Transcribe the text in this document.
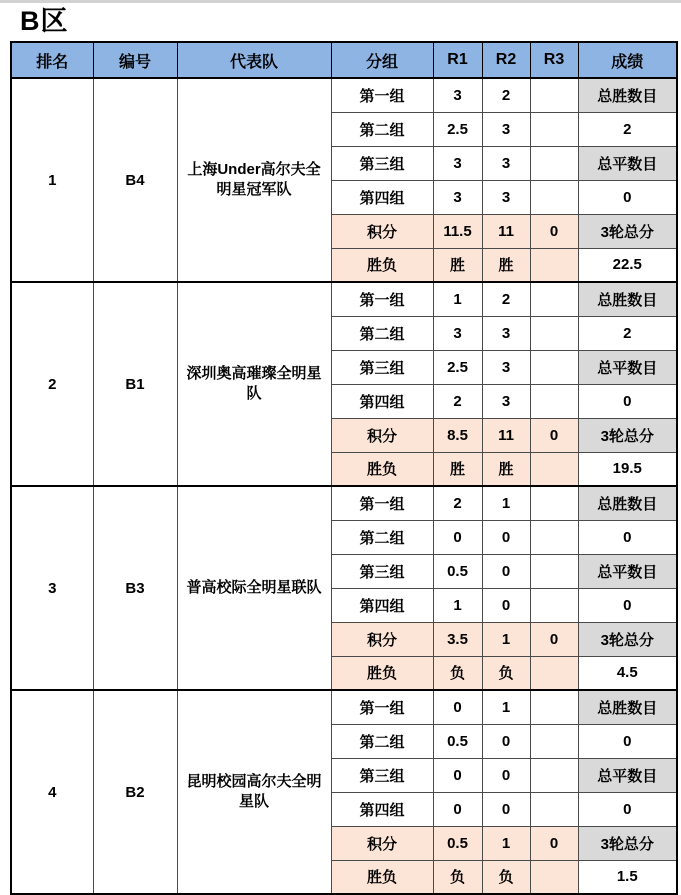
B区
排名	编号	代表队	分组	R1	R2	R3	成绩
1	B4	上海Under高尔夫全明星冠军队	第一组	3	2		总胜数目
			第二组	2.5	3		2
			第三组	3	3		总平数目
			第四组	3	3		0
			积分	11.5	11	0	3轮总分
			胜负	胜	胜		22.5
2	B1	深圳奥高璀璨全明星队	第一组	1	2		总胜数目
			第二组	3	3		2
			第三组	2.5	3		总平数目
			第四组	2	3		0
			积分	8.5	11	0	3轮总分
			胜负	胜	胜		19.5
3	B3	普高校际全明星联队	第一组	2	1		总胜数目
			第二组	0	0		0
			第三组	0.5	0		总平数目
			第四组	1	0		0
			积分	3.5	1	0	3轮总分
			胜负	负	负		4.5
4	B2	昆明校园高尔夫全明星队	第一组	0	1		总胜数目
			第二组	0.5	0		0
			第三组	0	0		总平数目
			第四组	0	0		0
			积分	0.5	1	0	3轮总分
			胜负	负	负		1.5
